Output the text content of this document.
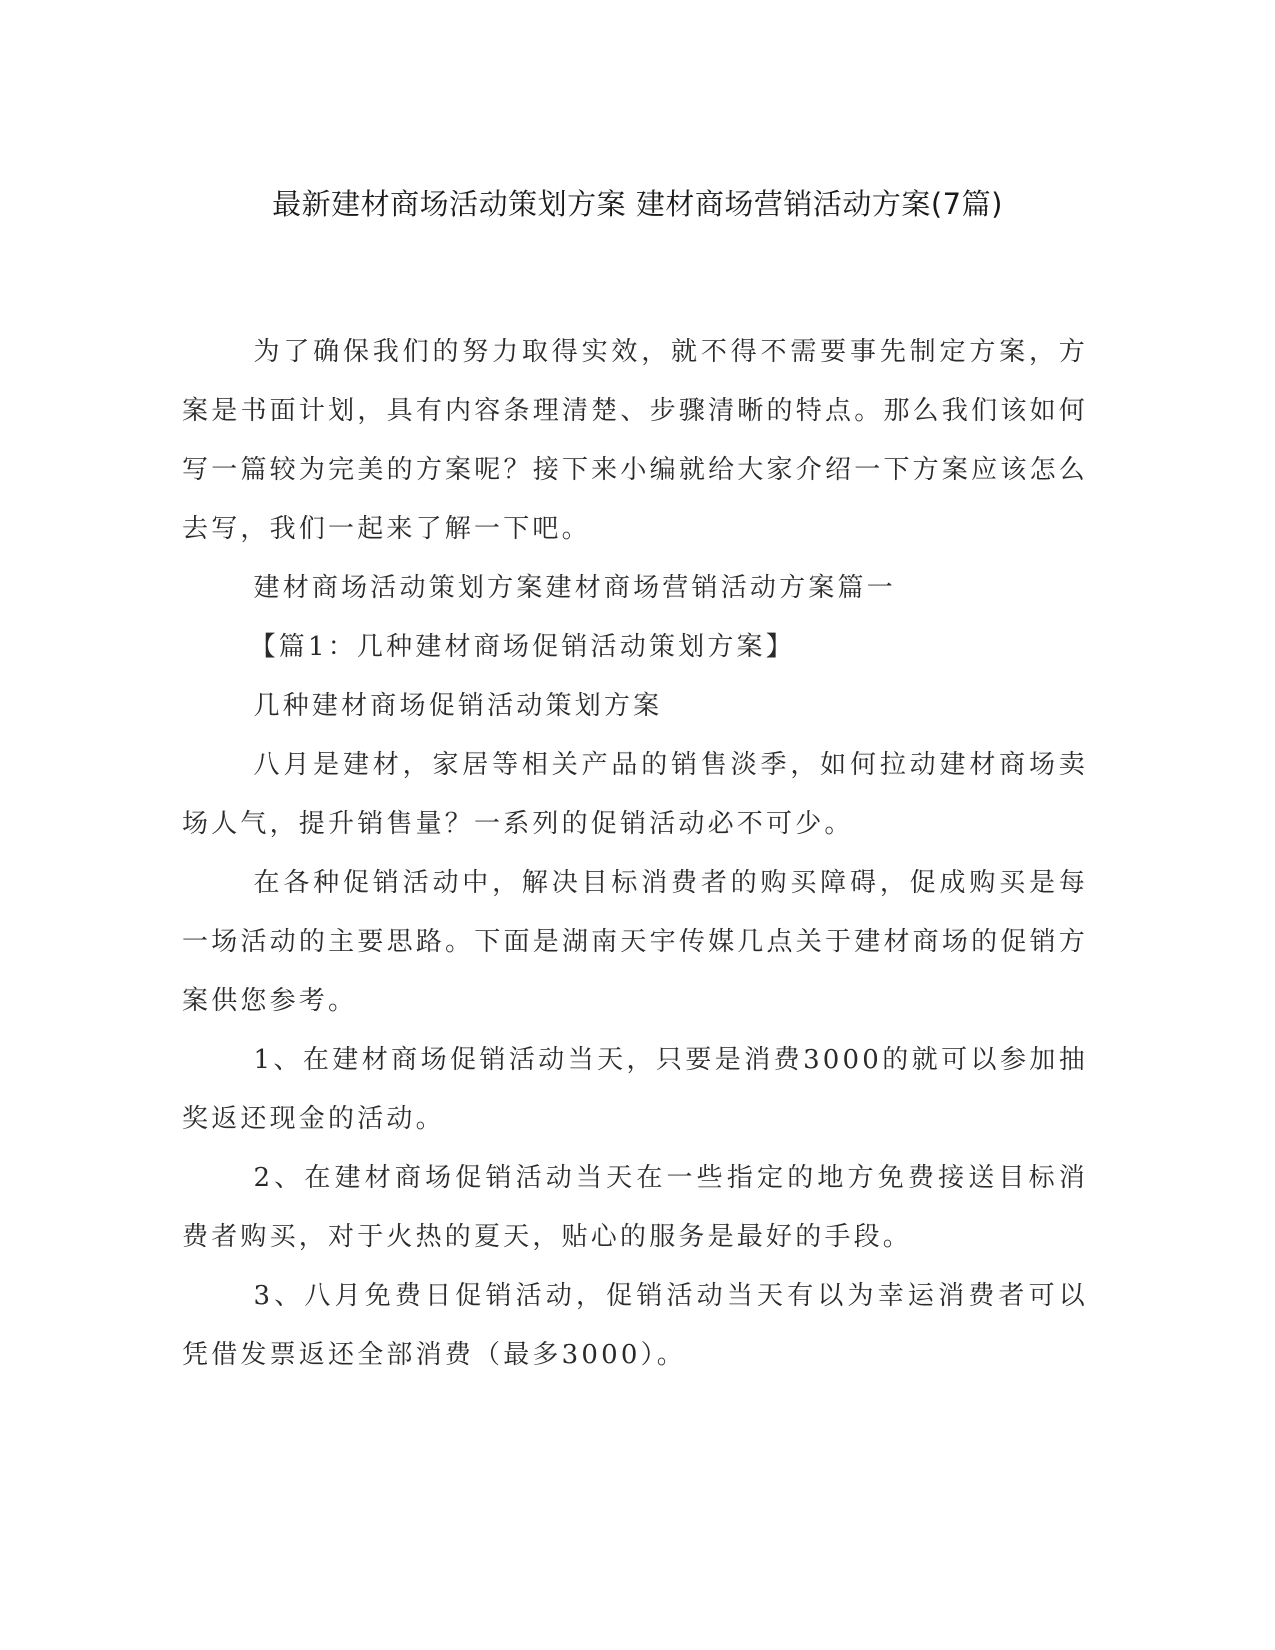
最新建材商场活动策划方案 建材商场营销活动方案(7篇)

为了确保我们的努力取得实效，就不得不需要事先制定方案，方案是书面计划，具有内容条理清楚、步骤清晰的特点。那么我们该如何写一篇较为完美的方案呢？接下来小编就给大家介绍一下方案应该怎么去写，我们一起来了解一下吧。

建材商场活动策划方案建材商场营销活动方案篇一

【篇1：几种建材商场促销活动策划方案】

几种建材商场促销活动策划方案

八月是建材，家居等相关产品的销售淡季，如何拉动建材商场卖场人气，提升销售量？一系列的促销活动必不可少。

在各种促销活动中，解决目标消费者的购买障碍，促成购买是每一场活动的主要思路。下面是湖南天宇传媒几点关于建材商场的促销方案供您参考。

1、在建材商场促销活动当天，只要是消费3000的就可以参加抽奖返还现金的活动。

2、在建材商场促销活动当天在一些指定的地方免费接送目标消费者购买，对于火热的夏天，贴心的服务是最好的手段。

3、八月免费日促销活动，促销活动当天有以为幸运消费者可以凭借发票返还全部消费（最多3000）。
